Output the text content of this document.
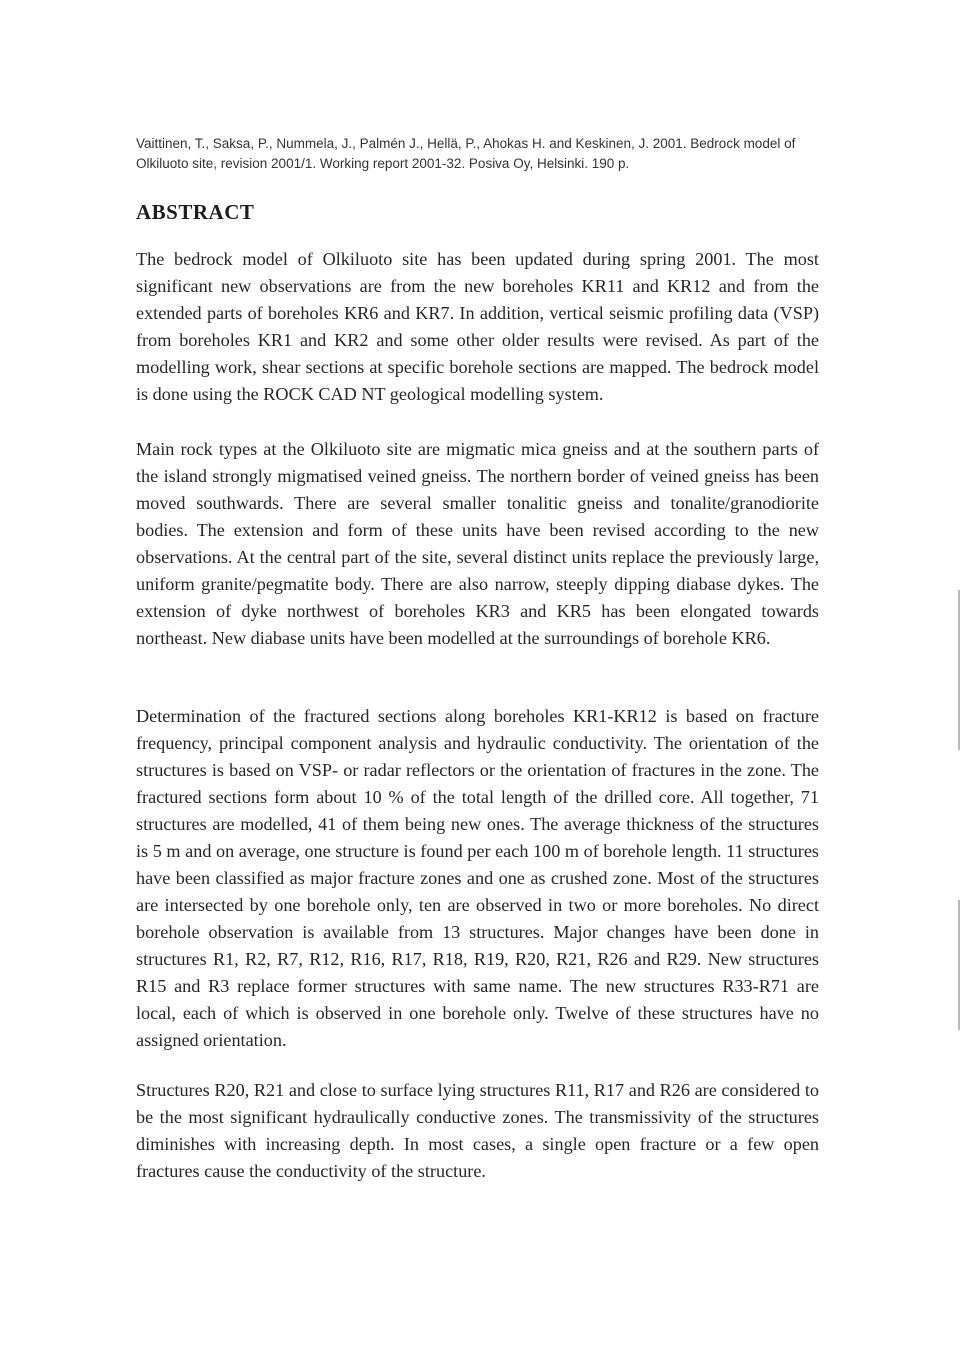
Vaittinen, T., Saksa, P., Nummela, J., Palmén J., Hellä, P., Ahokas H. and Keskinen, J. 2001. Bedrock model of Olkiluoto site, revision 2001/1. Working report 2001-32. Posiva Oy, Helsinki. 190 p.
ABSTRACT

The bedrock model of Olkiluoto site has been updated during spring 2001. The most significant new observations are from the new boreholes KR11 and KR12 and from the extended parts of boreholes KR6 and KR7. In addition, vertical seismic profiling data (VSP) from boreholes KR1 and KR2 and some other older results were revised. As part of the modelling work, shear sections at specific borehole sections are mapped. The bedrock model is done using the ROCK CAD NT geological modelling system.

Main rock types at the Olkiluoto site are migmatic mica gneiss and at the southern parts of the island strongly migmatised veined gneiss. The northern border of veined gneiss has been moved southwards. There are several smaller tonalitic gneiss and tonalite/granodiorite bodies. The extension and form of these units have been revised according to the new observations. At the central part of the site, several distinct units replace the previously large, uniform granite/pegmatite body. There are also narrow, steeply dipping diabase dykes. The extension of dyke northwest of boreholes KR3 and KR5 has been elongated towards northeast. New diabase units have been modelled at the surroundings of borehole KR6.

Determination of the fractured sections along boreholes KR1-KR12 is based on fracture frequency, principal component analysis and hydraulic conductivity. The orientation of the structures is based on VSP- or radar reflectors or the orientation of fractures in the zone. The fractured sections form about 10 % of the total length of the drilled core. All together, 71 structures are modelled, 41 of them being new ones. The average thickness of the structures is 5 m and on average, one structure is found per each 100 m of borehole length. 11 structures have been classified as major fracture zones and one as crushed zone. Most of the structures are intersected by one borehole only, ten are observed in two or more boreholes. No direct borehole observation is available from 13 structures. Major changes have been done in structures R1, R2, R7, R12, R16, R17, R18, R19, R20, R21, R26 and R29. New structures R15 and R3 replace former structures with same name. The new structures R33-R71 are local, each of which is observed in one borehole only. Twelve of these structures have no assigned orientation.

Structures R20, R21 and close to surface lying structures R11, R17 and R26 are considered to be the most significant hydraulically conductive zones. The transmissivity of the structures diminishes with increasing depth. In most cases, a single open fracture or a few open fractures cause the conductivity of the structure.
